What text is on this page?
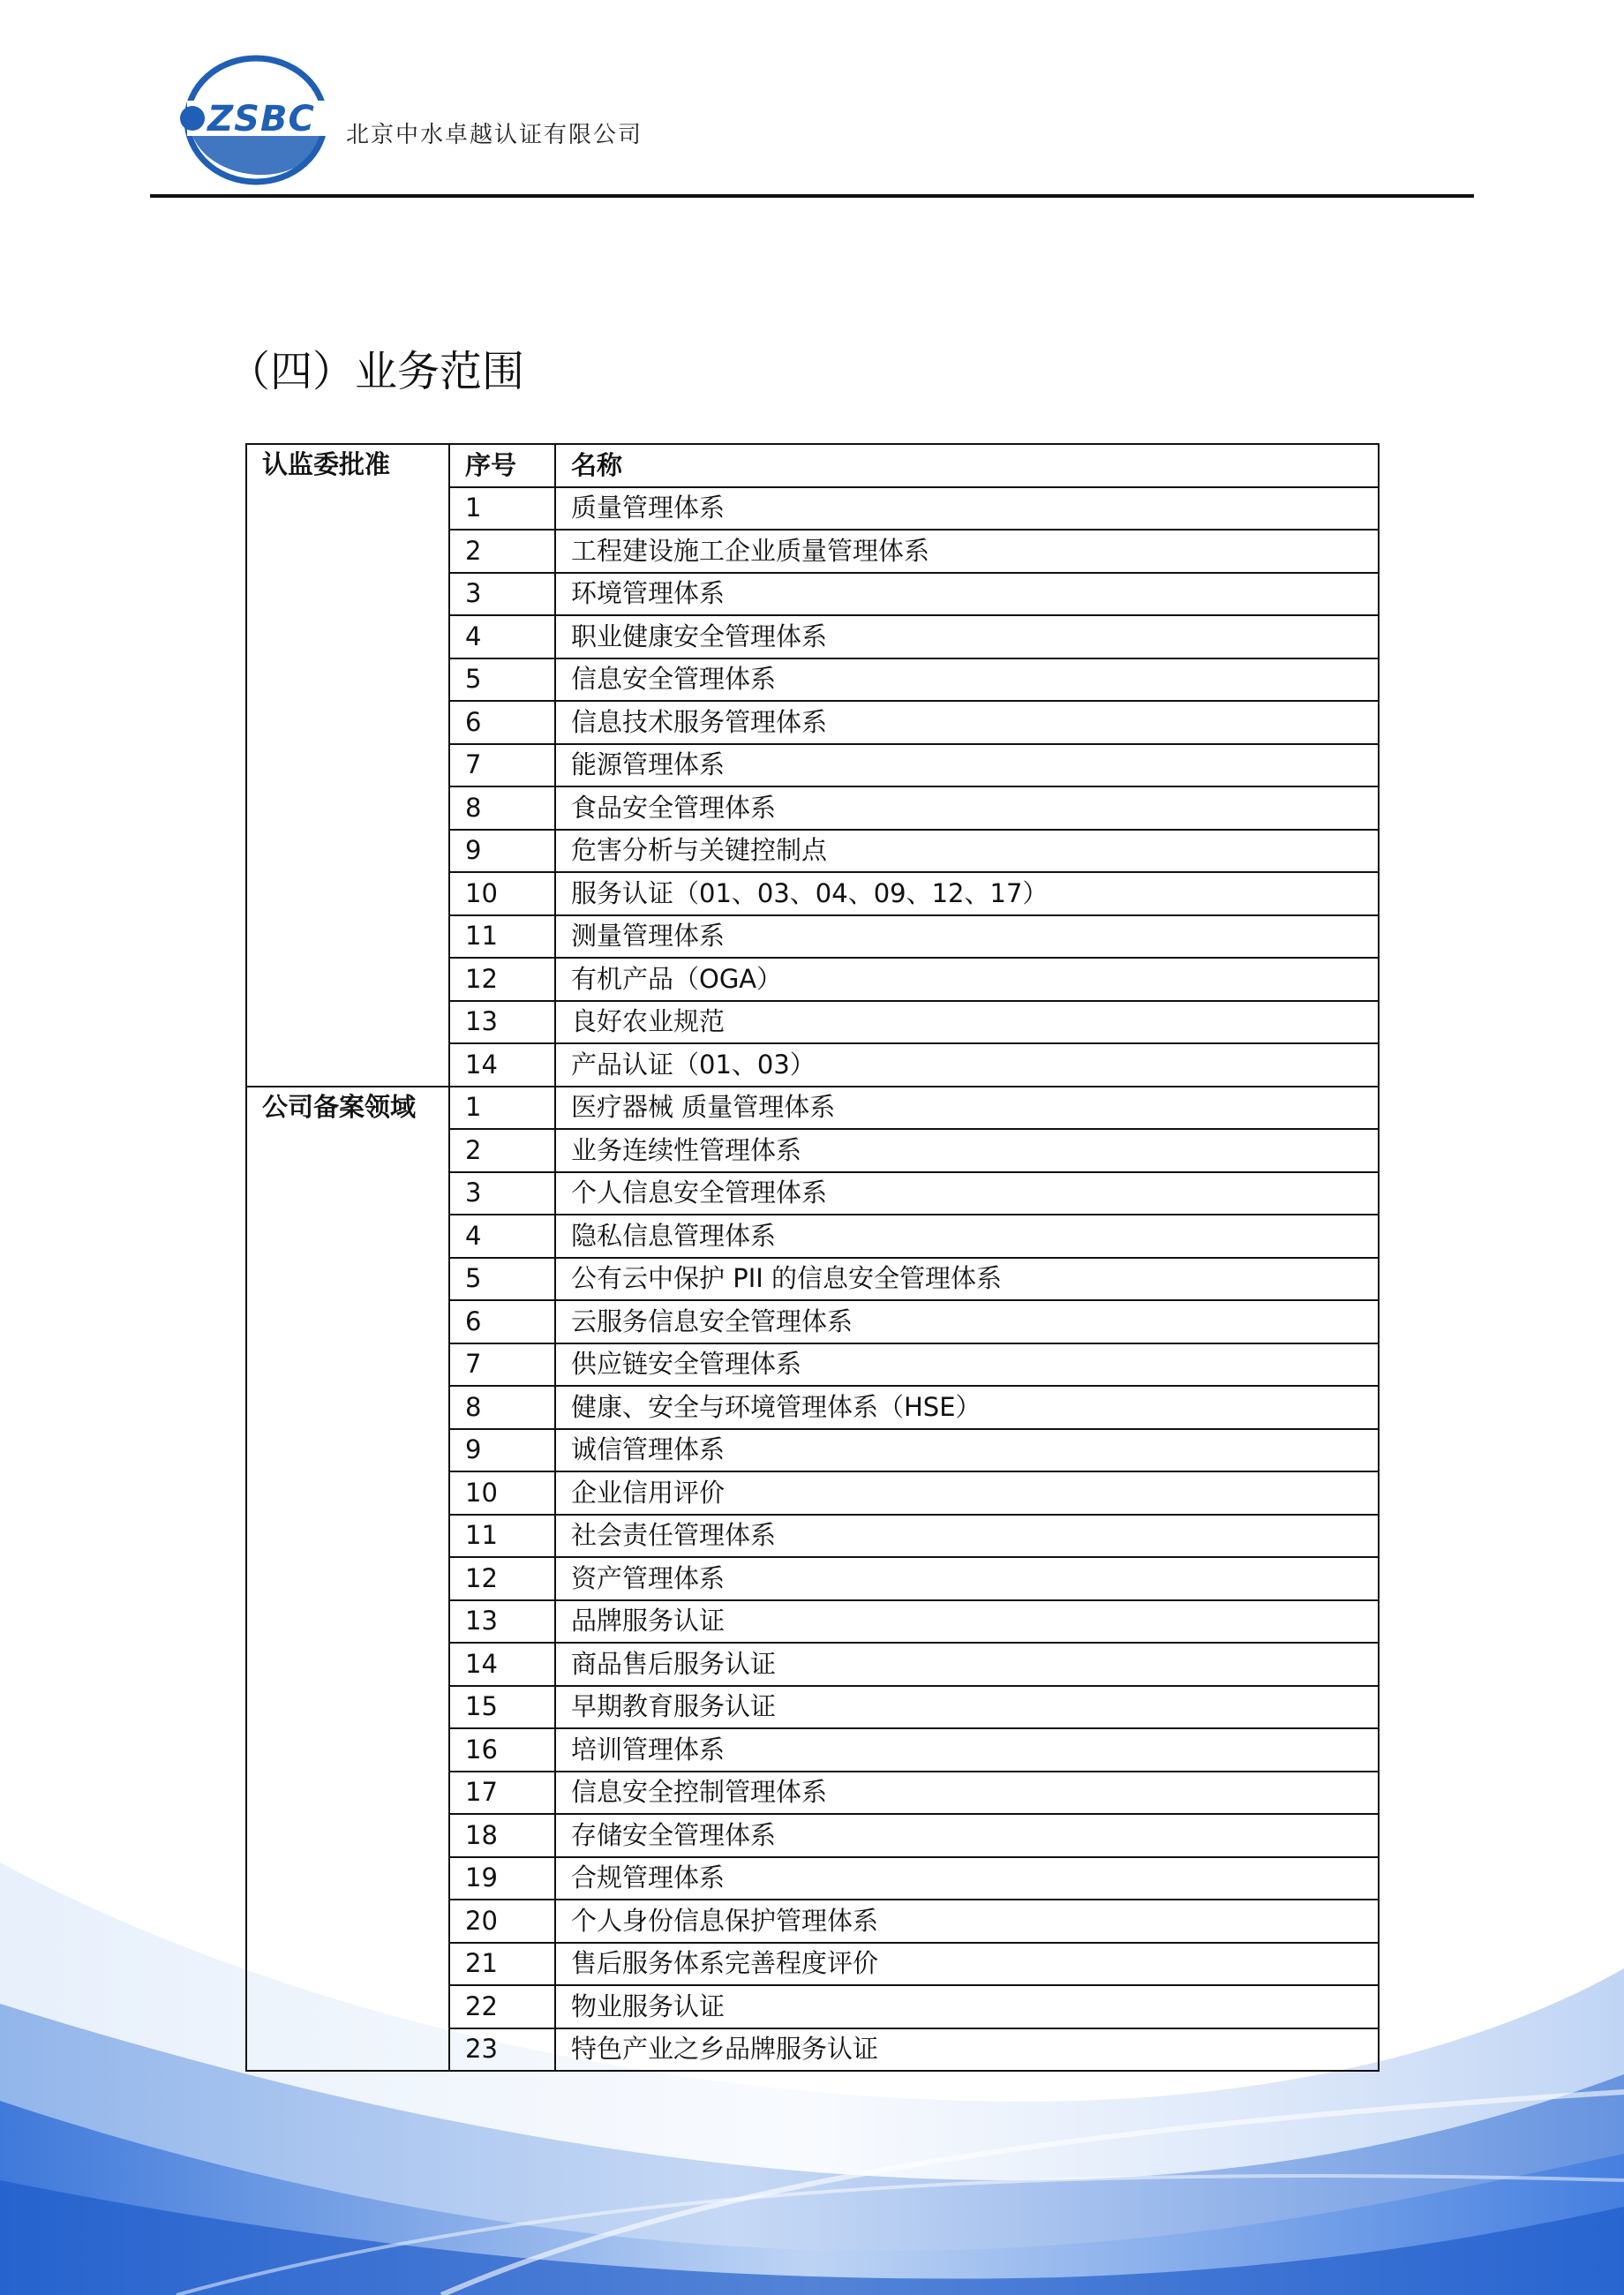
ZSBC 北京中水卓越认证有限公司
（四）业务范围
认监委批准	序号	名称
	1	质量管理体系
	2	工程建设施工企业质量管理体系
	3	环境管理体系
	4	职业健康安全管理体系
	5	信息安全管理体系
	6	信息技术服务管理体系
	7	能源管理体系
	8	食品安全管理体系
	9	危害分析与关键控制点
	10	服务认证（01、03、04、09、12、17）
	11	测量管理体系
	12	有机产品（OGA）
	13	良好农业规范
	14	产品认证（01、03）
公司备案领域	1	医疗器械 质量管理体系
	2	业务连续性管理体系
	3	个人信息安全管理体系
	4	隐私信息管理体系
	5	公有云中保护 PII 的信息安全管理体系
	6	云服务信息安全管理体系
	7	供应链安全管理体系
	8	健康、安全与环境管理体系（HSE）
	9	诚信管理体系
	10	企业信用评价
	11	社会责任管理体系
	12	资产管理体系
	13	品牌服务认证
	14	商品售后服务认证
	15	早期教育服务认证
	16	培训管理体系
	17	信息安全控制管理体系
	18	存储安全管理体系
	19	合规管理体系
	20	个人身份信息保护管理体系
	21	售后服务体系完善程度评价
	22	物业服务认证
	23	特色产业之乡品牌服务认证
